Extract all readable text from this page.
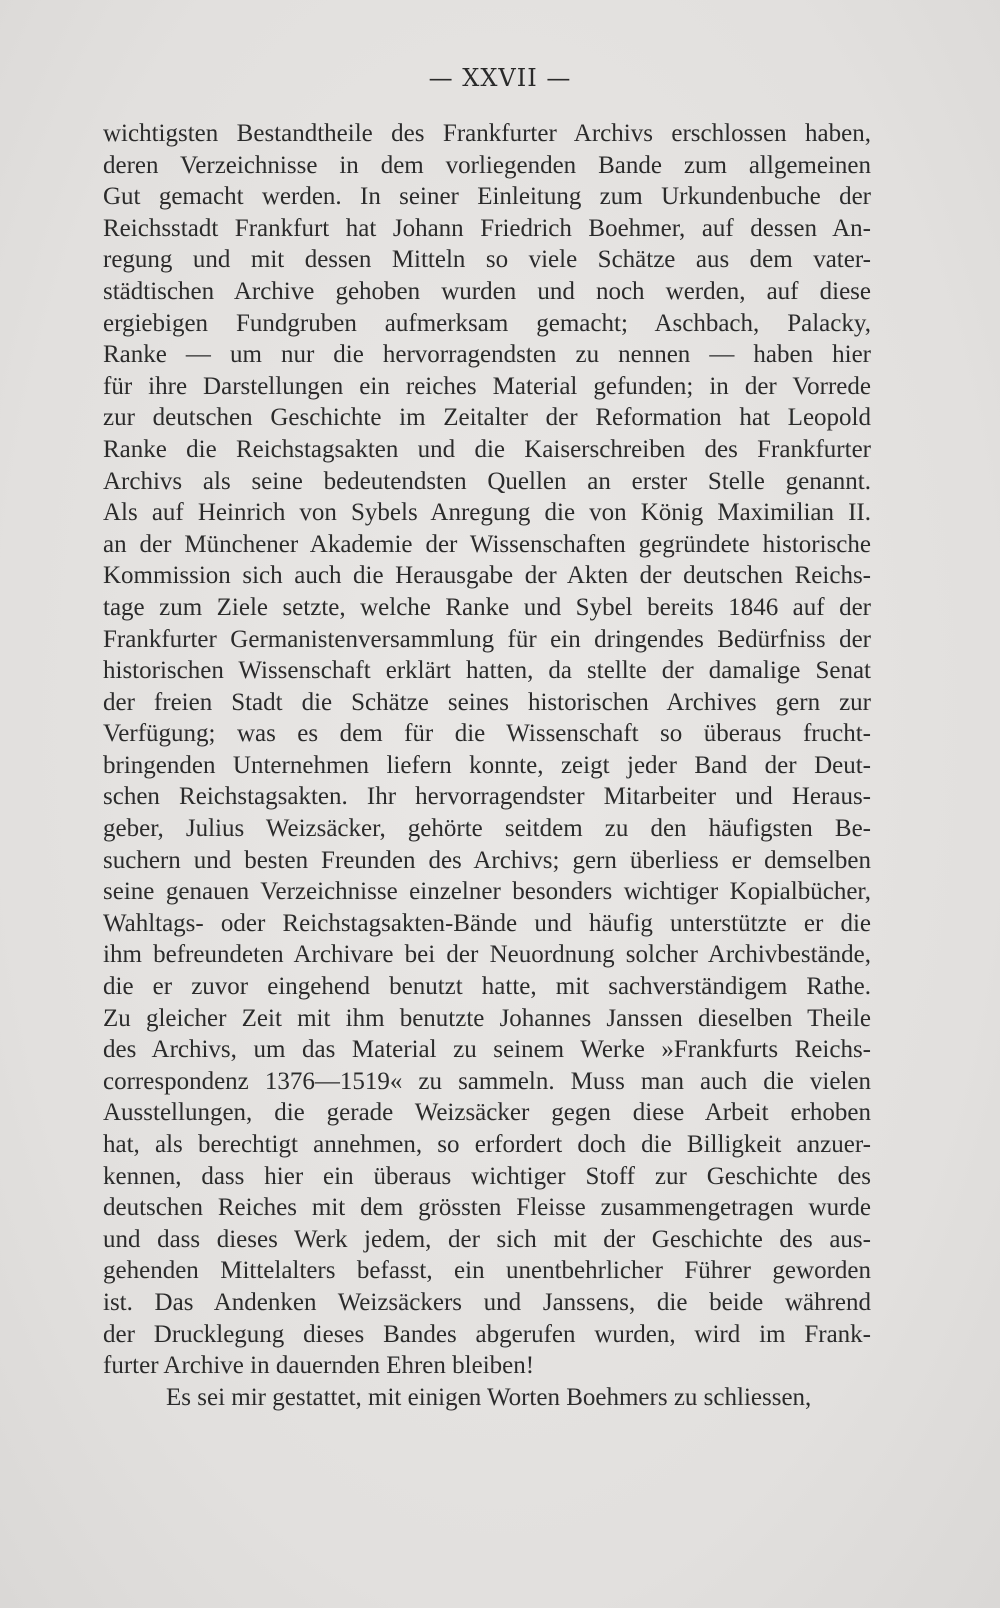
— XXVII —
wichtigsten Bestandtheile des Frankfurter Archivs erschlossen haben,
deren Verzeichnisse in dem vorliegenden Bande zum allgemeinen
Gut gemacht werden. In seiner Einleitung zum Urkundenbuche der
Reichsstadt Frankfurt hat Johann Friedrich Boehmer, auf dessen An-
regung und mit dessen Mitteln so viele Schätze aus dem vater-
städtischen Archive gehoben wurden und noch werden, auf diese
ergiebigen Fundgruben aufmerksam gemacht; Aschbach, Palacky,
Ranke — um nur die hervorragendsten zu nennen — haben hier
für ihre Darstellungen ein reiches Material gefunden; in der Vorrede
zur deutschen Geschichte im Zeitalter der Reformation hat Leopold
Ranke die Reichstagsakten und die Kaiserschreiben des Frankfurter
Archivs als seine bedeutendsten Quellen an erster Stelle genannt.
Als auf Heinrich von Sybels Anregung die von König Maximilian II.
an der Münchener Akademie der Wissenschaften gegründete historische
Kommission sich auch die Herausgabe der Akten der deutschen Reichs-
tage zum Ziele setzte, welche Ranke und Sybel bereits 1846 auf der
Frankfurter Germanistenversammlung für ein dringendes Bedürfniss der
historischen Wissenschaft erklärt hatten, da stellte der damalige Senat
der freien Stadt die Schätze seines historischen Archives gern zur
Verfügung; was es dem für die Wissenschaft so überaus frucht-
bringenden Unternehmen liefern konnte, zeigt jeder Band der Deut-
schen Reichstagsakten. Ihr hervorragendster Mitarbeiter und Heraus-
geber, Julius Weizsäcker, gehörte seitdem zu den häufigsten Be-
suchern und besten Freunden des Archivs; gern überliess er demselben
seine genauen Verzeichnisse einzelner besonders wichtiger Kopialbücher,
Wahltags- oder Reichstagsakten-Bände und häufig unterstützte er die
ihm befreundeten Archivare bei der Neuordnung solcher Archivbestände,
die er zuvor eingehend benutzt hatte, mit sachverständigem Rathe.
Zu gleicher Zeit mit ihm benutzte Johannes Janssen dieselben Theile
des Archivs, um das Material zu seinem Werke »Frankfurts Reichs-
correspondenz 1376—1519« zu sammeln. Muss man auch die vielen
Ausstellungen, die gerade Weizsäcker gegen diese Arbeit erhoben
hat, als berechtigt annehmen, so erfordert doch die Billigkeit anzuer-
kennen, dass hier ein überaus wichtiger Stoff zur Geschichte des
deutschen Reiches mit dem grössten Fleisse zusammengetragen wurde
und dass dieses Werk jedem, der sich mit der Geschichte des aus-
gehenden Mittelalters befasst, ein unentbehrlicher Führer geworden
ist. Das Andenken Weizsäckers und Janssens, die beide während
der Drucklegung dieses Bandes abgerufen wurden, wird im Frank-
furter Archive in dauernden Ehren bleiben!
Es sei mir gestattet, mit einigen Worten Boehmers zu schliessen,
